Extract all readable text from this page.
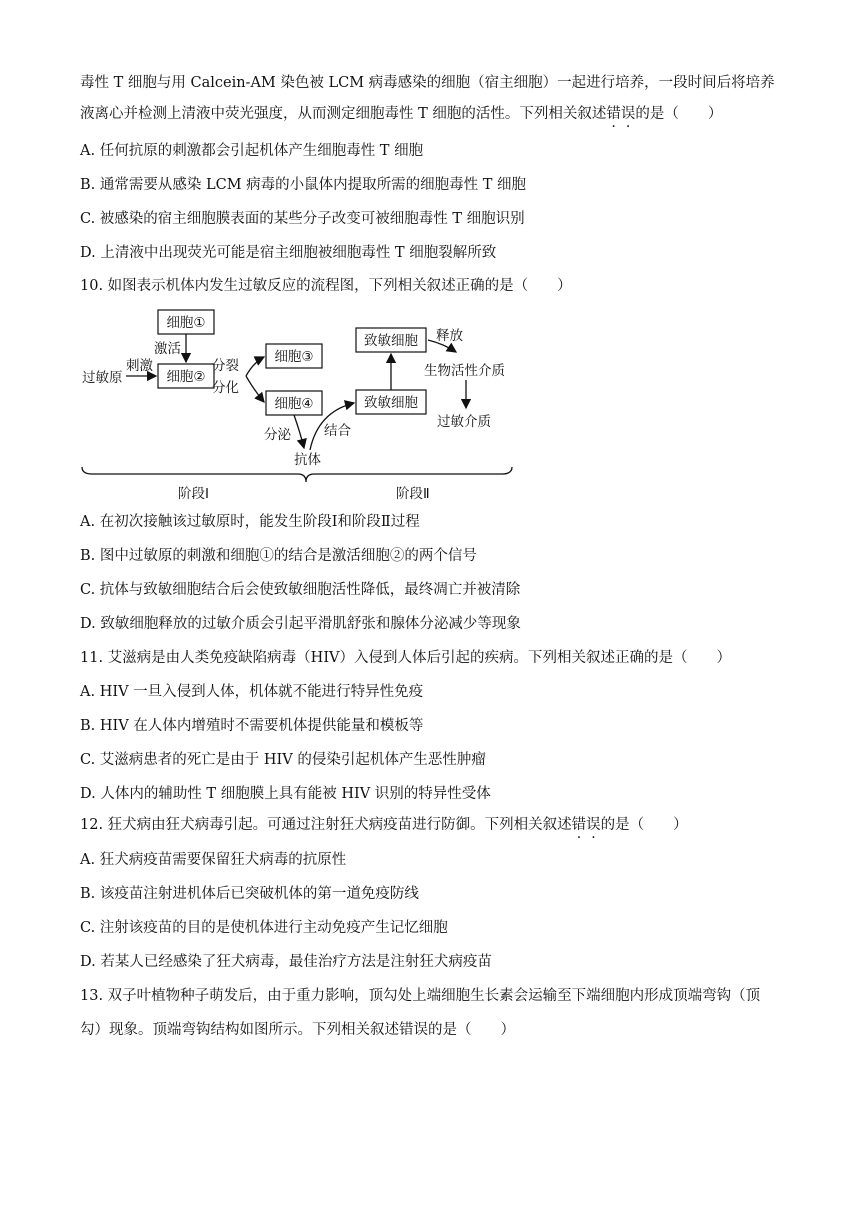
毒性 T 细胞与用 Calcein-AM 染色被 LCM 病毒感染的细胞（宿主细胞）一起进行培养，一段时间后将培养
液离心并检测上清液中荧光强度，从而测定细胞毒性 T 细胞的活性。下列相关叙述错误的是（　　）
A. 任何抗原的刺激都会引起机体产生细胞毒性 T 细胞
B. 通常需要从感染 LCM 病毒的小鼠体内提取所需的细胞毒性 T 细胞
C. 被感染的宿主细胞膜表面的某些分子改变可被细胞毒性 T 细胞识别
D. 上清液中出现荧光可能是宿主细胞被细胞毒性 T 细胞裂解所致
10. 如图表示机体内发生过敏反应的流程图，下列相关叙述正确的是（　　）
细胞①
激活
细胞②
过敏原
刺激	分裂
分化
细胞③
细胞④
分泌
抗体
结合
致敏细胞
致敏细胞 释放
生物活性介质
过敏介质
阶段Ⅰ	阶段Ⅱ
A. 在初次接触该过敏原时，能发生阶段Ⅰ和阶段Ⅱ过程
B. 图中过敏原的刺激和细胞①的结合是激活细胞②的两个信号
C. 抗体与致敏细胞结合后会使致敏细胞活性降低，最终凋亡并被清除
D. 致敏细胞释放的过敏介质会引起平滑肌舒张和腺体分泌减少等现象
11. 艾滋病是由人类免疫缺陷病毒（HIV）入侵到人体后引起的疾病。下列相关叙述正确的是（　　）
A. HIV 一旦入侵到人体，机体就不能进行特异性免疫
B. HIV 在人体内增殖时不需要机体提供能量和模板等
C. 艾滋病患者的死亡是由于 HIV 的侵染引起机体产生恶性肿瘤
D. 人体内的辅助性 T 细胞膜上具有能被 HIV 识别的特异性受体
12. 狂犬病由狂犬病毒引起。可通过注射狂犬病疫苗进行防御。下列相关叙述错误的是（　　）
A. 狂犬病疫苗需要保留狂犬病毒的抗原性
B. 该疫苗注射进机体后已突破机体的第一道免疫防线
C. 注射该疫苗的目的是使机体进行主动免疫产生记忆细胞
D. 若某人已经感染了狂犬病毒，最佳治疗方法是注射狂犬病疫苗
13. 双子叶植物种子萌发后，由于重力影响，顶勾处上端细胞生长素会运输至下端细胞内形成顶端弯钩（顶
勾）现象。顶端弯钩结构如图所示。下列相关叙述错误的是（　　）
